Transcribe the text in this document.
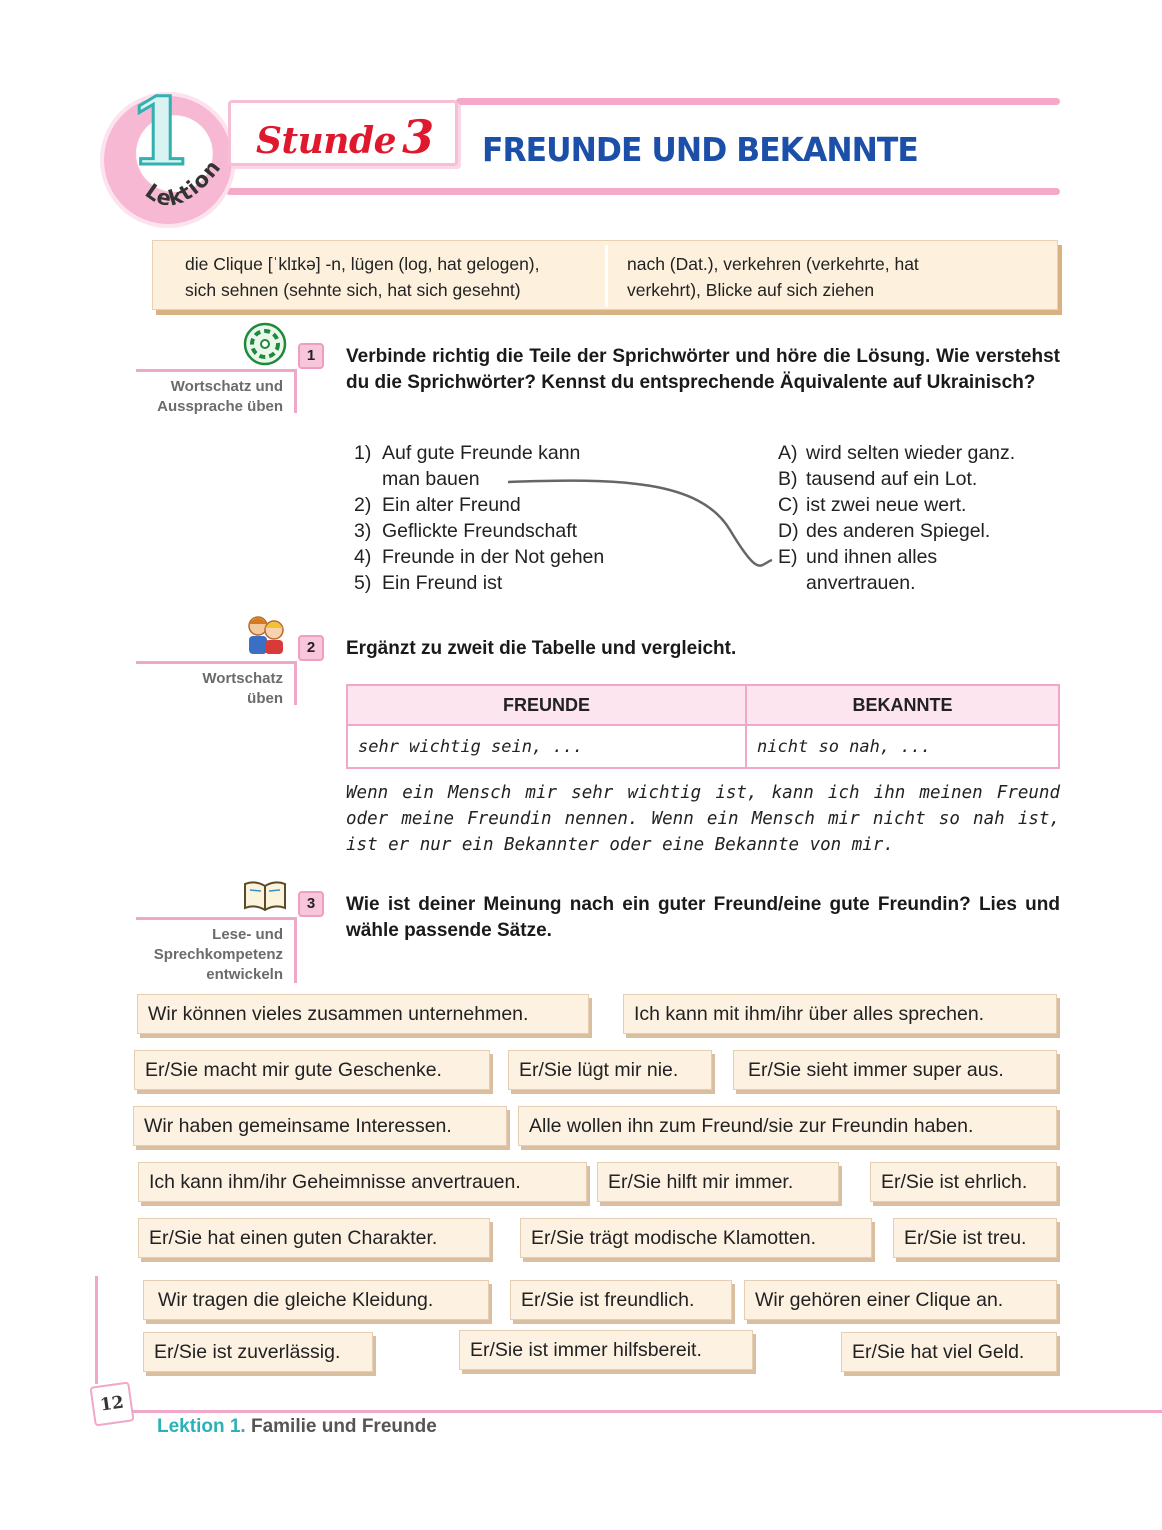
1
Lektion
Stunde 3 FREUNDE UND BEKANNTE
die Clique [ˈklɪkə] -n, lügen (log, hat gelogen),
sich sehnen (sehnte sich, hat sich gesehnt)
nach (Dat.), verkehren (verkehrte, hat
verkehrt), Blicke auf sich ziehen
Wortschatz und
Aussprache üben
1	Verbinde richtig die Teile der Sprichwörter und höre die Lösung. Wie verstehst du die Sprichwörter? Kennst du entsprechende Äquivalente auf Ukrainisch?
1) Auf gute Freunde kann
man bauen
2) Ein alter Freund
3) Geflickte Freundschaft
4) Freunde in der Not gehen
5) Ein Freund ist
A) wird selten wieder ganz.
B) tausend auf ein Lot.
C) ist zwei neue wert.
D) des anderen Spiegel.
E) und ihnen alles
anvertrauen.
Wortschatz
üben
2	Ergänzt zu zweit die Tabelle und vergleicht.
FREUNDE	BEKANNTE
sehr wichtig sein, ...	nicht so nah, ...
Wenn ein Mensch mir sehr wichtig ist, kann ich ihn meinen Freund oder meine Freundin nennen. Wenn ein Mensch mir nicht so nah ist, ist er nur ein Bekannter oder eine Bekannte von mir.
Lese- und
Sprechkompetenz
entwickeln
3	Wie ist deiner Meinung nach ein guter Freund/eine gute Freundin? Lies und wähle passende Sätze.
Wir können vieles zusammen unternehmen.	Ich kann mit ihm/ihr über alles sprechen.
Er/Sie macht mir gute Geschenke.	Er/Sie lügt mir nie.	Er/Sie sieht immer super aus.
Wir haben gemeinsame Interessen.	Alle wollen ihn zum Freund/sie zur Freundin haben.
Ich kann ihm/ihr Geheimnisse anvertrauen.	Er/Sie hilft mir immer.	Er/Sie ist ehrlich.
Er/Sie hat einen guten Charakter.	Er/Sie trägt modische Klamotten.	Er/Sie ist treu.
Wir tragen die gleiche Kleidung.	Er/Sie ist freundlich.	Wir gehören einer Clique an.
Er/Sie ist zuverlässig.	Er/Sie ist immer hilfsbereit.	Er/Sie hat viel Geld.
12
Lektion 1. Familie und Freunde
